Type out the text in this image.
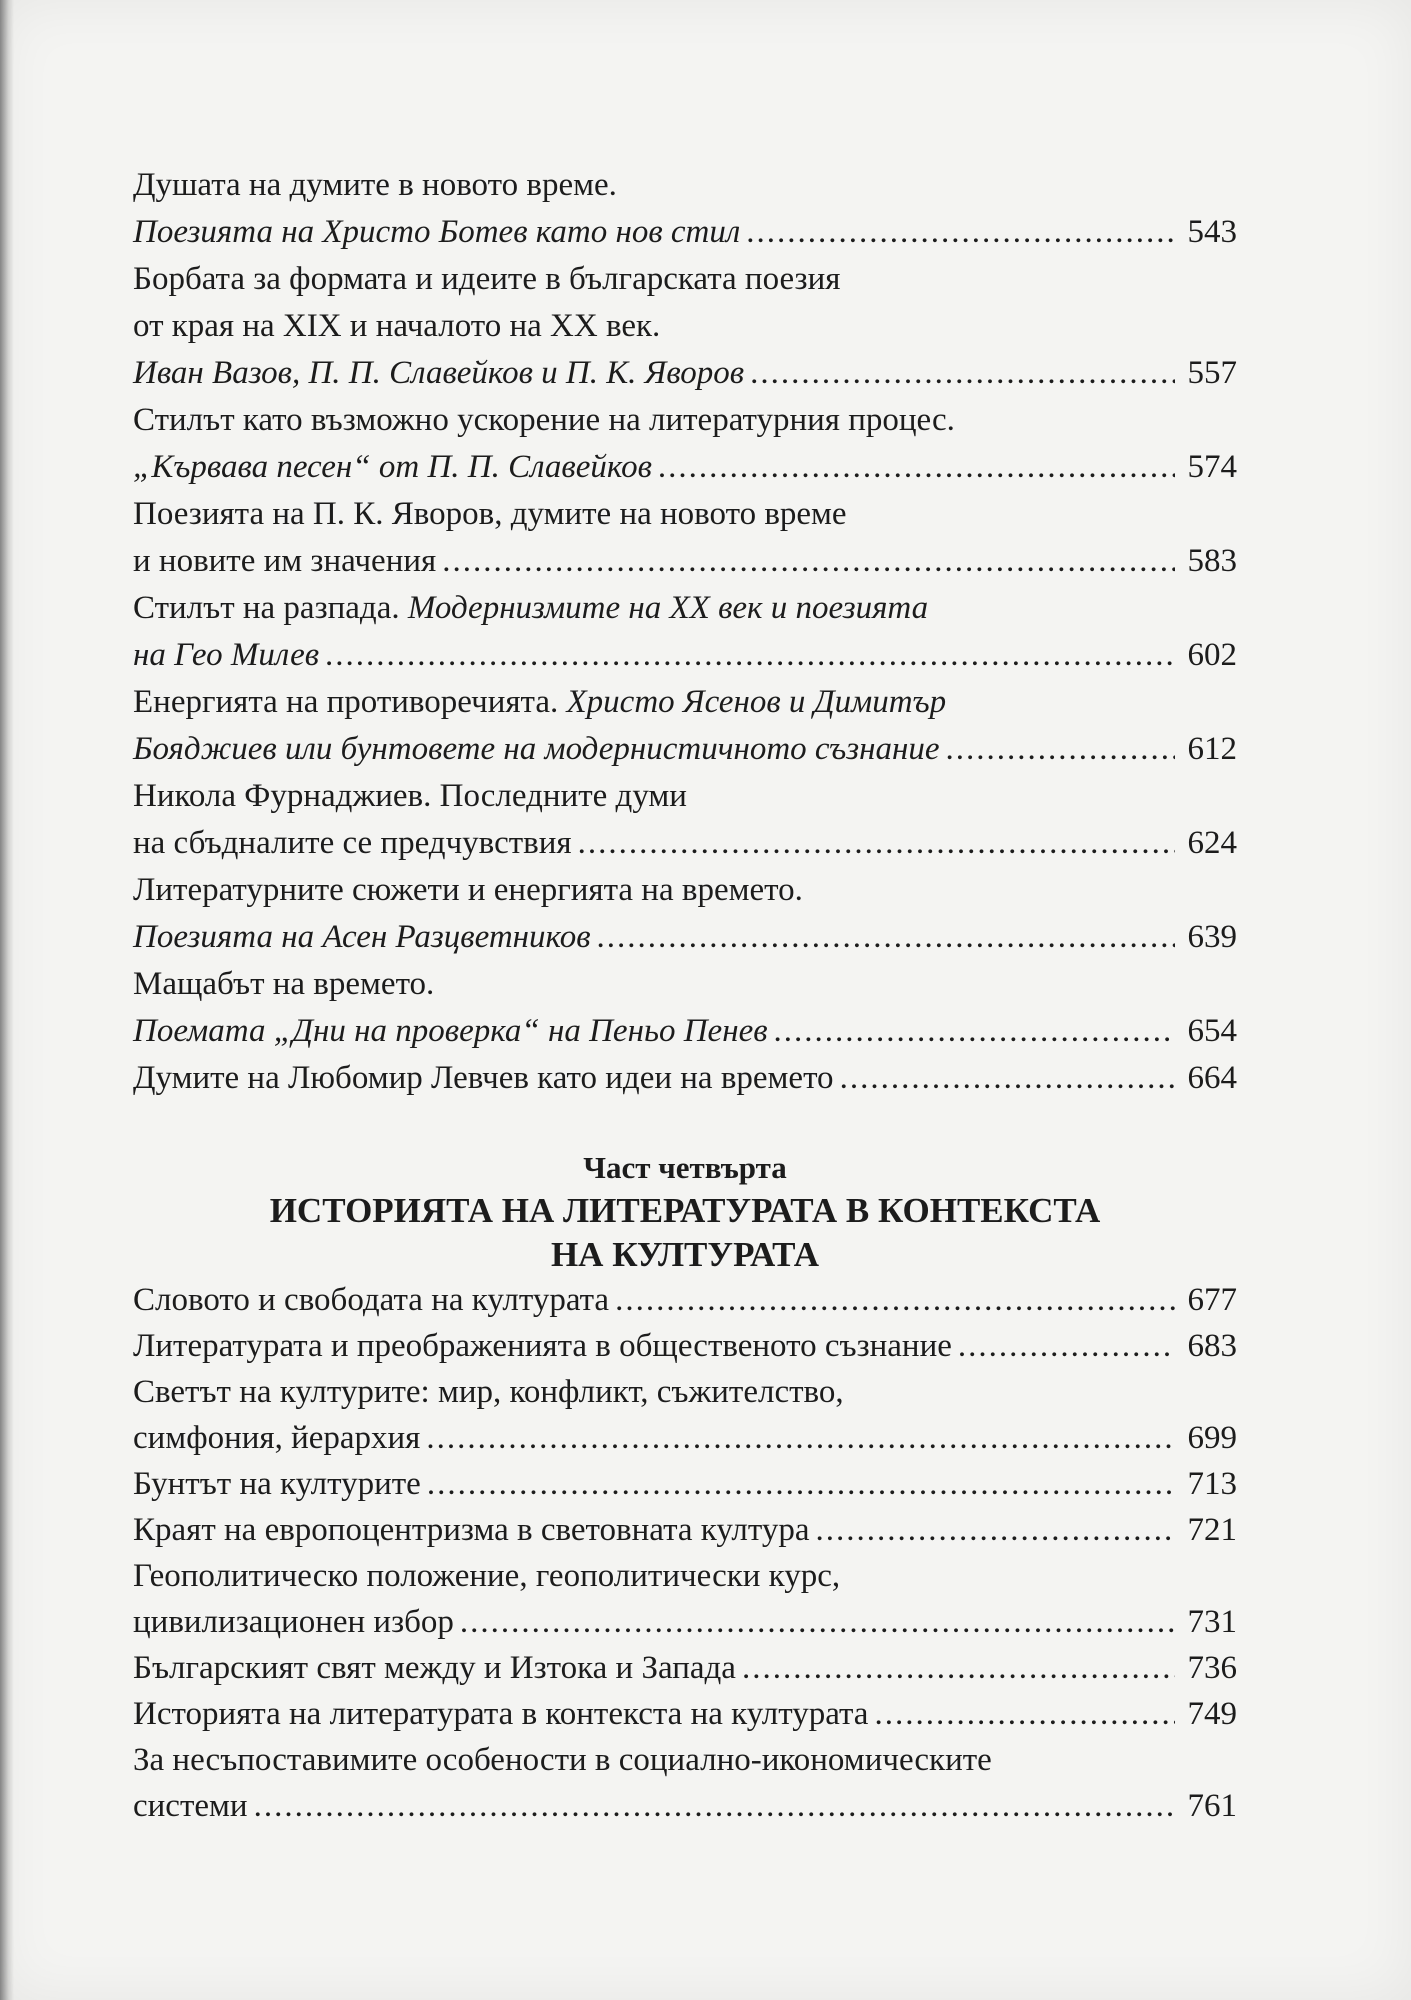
Душата на думите в новото време.
Поезията на Христо Ботев като нов стил .....	543
Борбата за формата и идеите в българската поезия
от края на XIX и началото на XX век.
Иван Вазов, П. П. Славейков и П. К. Яворов .....	557
Стилът като възможно ускорение на литературния процес.
„Кървава песен“ от П. П. Славейков .....	574
Поезията на П. К. Яворов, думите на новото време
и новите им значения .....	583
Стилът на разпада. Модернизмите на XX век и поезията
на Гео Милев .....	602
Енергията на противоречията. Христо Ясенов и Димитър
Бояджиев или бунтовете на модернистичното съзнание .....	612
Никола Фурнаджиев. Последните думи
на сбъдналите се предчувствия .....	624
Литературните сюжети и енергията на времето.
Поезията на Асен Разцветников .....	639
Мащабът на времето.
Поемата „Дни на проверка“ на Пеньо Пенев .....	654
Думите на Любомир Левчев като идеи на времето .....	664
Част четвърта
ИСТОРИЯТА НА ЛИТЕРАТУРАТА В КОНТЕКСТА
НА КУЛТУРАТА
Словото и свободата на културата .....	677
Литературата и преображенията в общественото съзнание .....	683
Светът на културите: мир, конфликт, съжителство,
симфония, йерархия .....	699
Бунтът на културите .....	713
Краят на европоцентризма в световната култура .....	721
Геополитическо положение, геополитически курс,
цивилизационен избор .....	731
Българският свят между и Изтока и Запада .....	736
Историята на литературата в контекста на културата .....	749
За несъпоставимите особености в социално-икономическите
системи .....	761
